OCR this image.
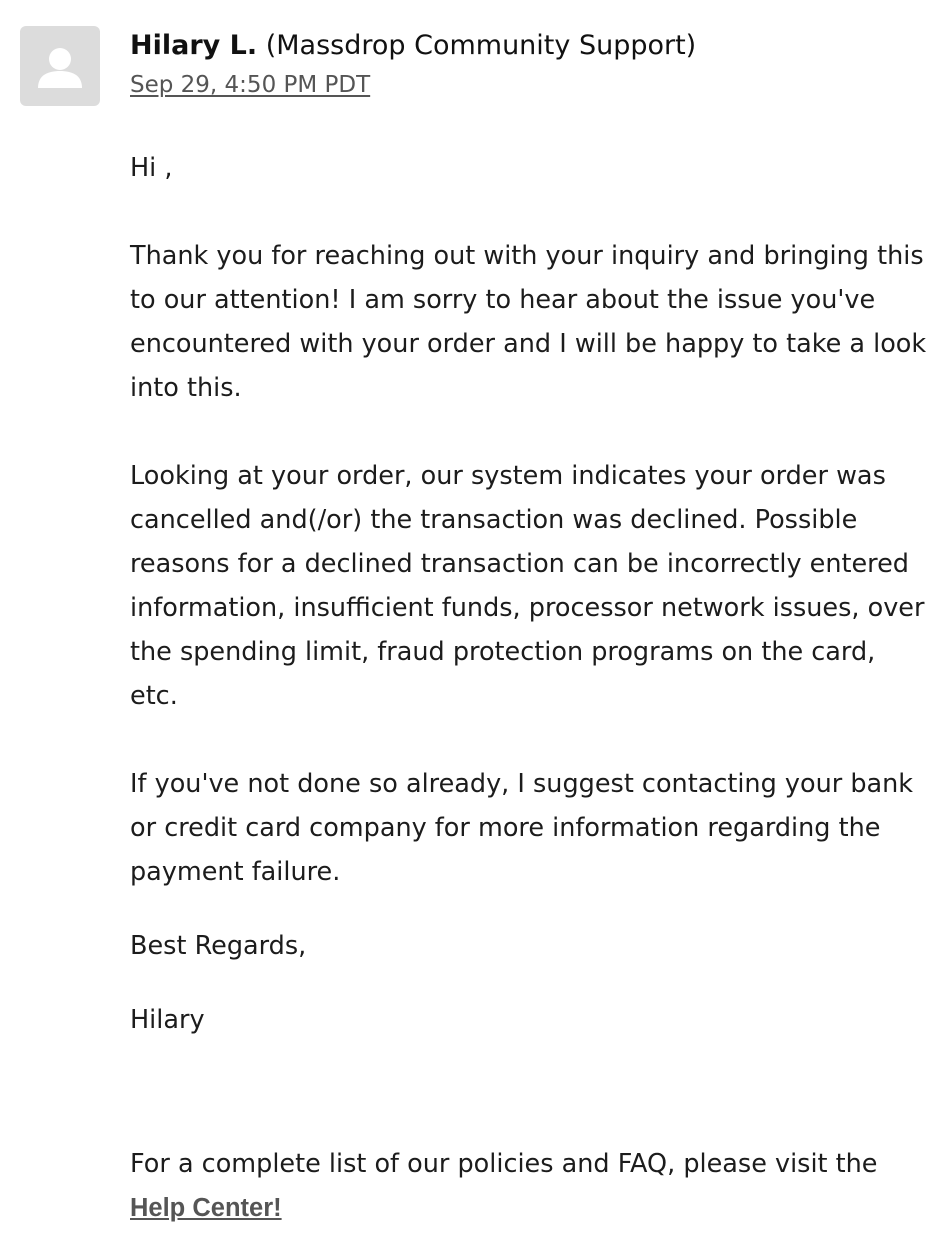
Hilary L. (Massdrop Community Support)
Sep 29, 4:50 PM PDT

Hi ,

Thank you for reaching out with your inquiry and bringing this to our attention! I am sorry to hear about the issue you've encountered with your order and I will be happy to take a look into this.

Looking at your order, our system indicates your order was cancelled and(/or) the transaction was declined. Possible reasons for a declined transaction can be incorrectly entered information, insufficient funds, processor network issues, over the spending limit, fraud protection programs on the card, etc.

If you've not done so already, I suggest contacting your bank or credit card company for more information regarding the payment failure.

Best Regards,

Hilary

For a complete list of our policies and FAQ, please visit the Help Center!
